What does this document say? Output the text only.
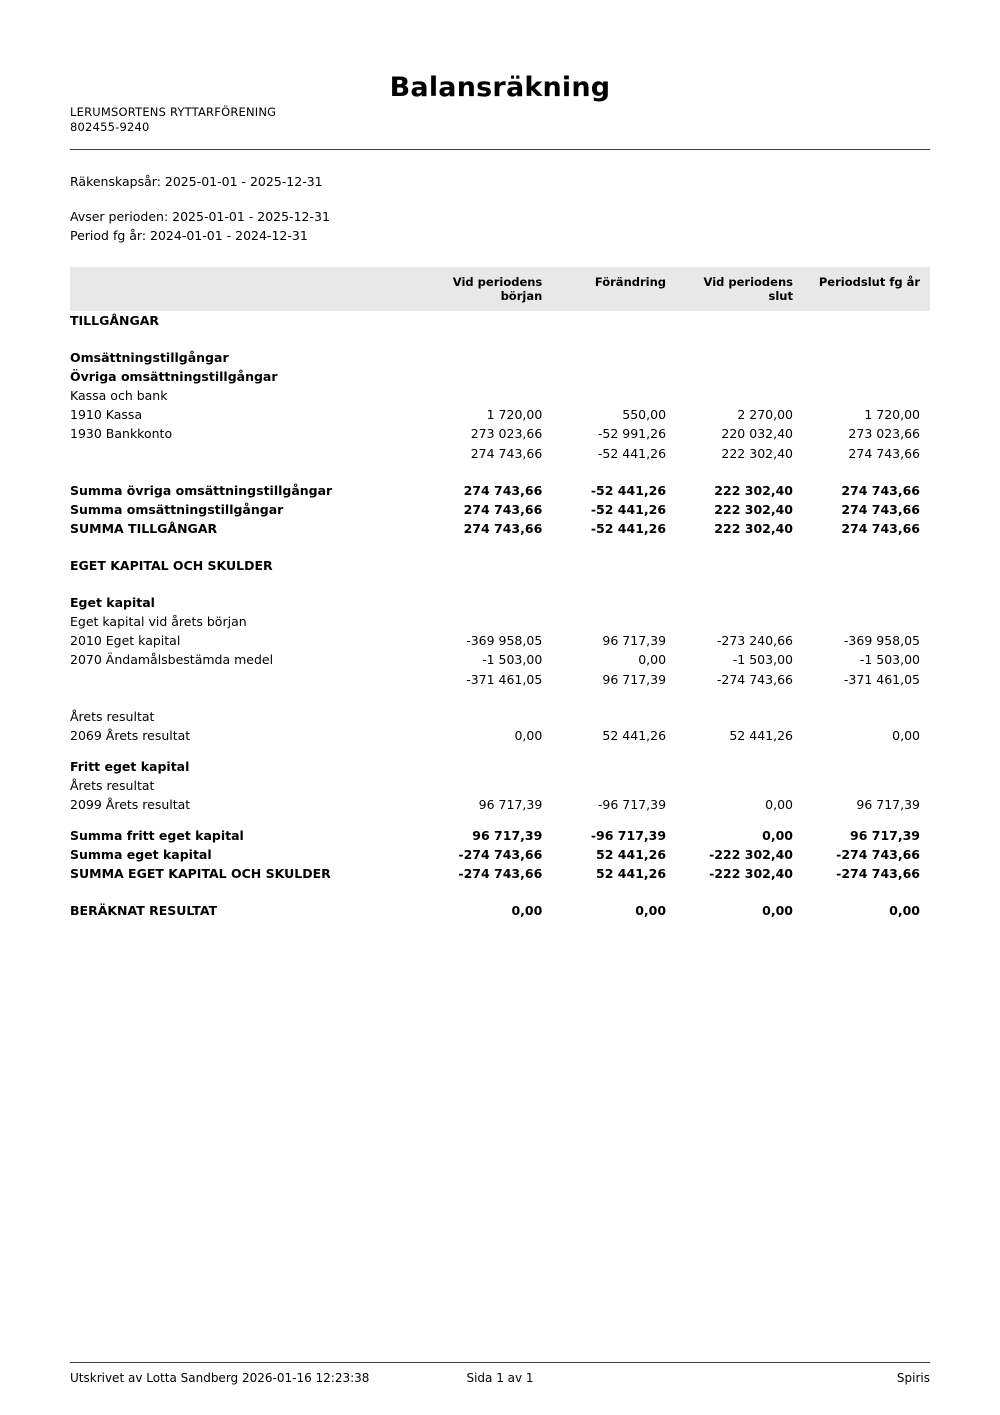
Balansräkning
LERUMSORTENS RYTTARFÖRENING
802455-9240
Räkenskapsår: 2025-01-01 - 2025-12-31
Avser perioden: 2025-01-01 - 2025-12-31
Period fg år: 2024-01-01 - 2024-12-31
	Vid periodens början	Förändring	Vid periodens slut	Periodslut fg år
TILLGÅNGAR				

Omsättningstillgångar				
Övriga omsättningstillgångar				
Kassa och bank				
1910 Kassa	1 720,00	550,00	2 270,00	1 720,00
1930 Bankkonto	273 023,66	-52 991,26	220 032,40	273 023,66
	274 743,66	-52 441,26	222 302,40	274 743,66

Summa övriga omsättningstillgångar	274 743,66	-52 441,26	222 302,40	274 743,66
Summa omsättningstillgångar	274 743,66	-52 441,26	222 302,40	274 743,66
SUMMA TILLGÅNGAR	274 743,66	-52 441,26	222 302,40	274 743,66

EGET KAPITAL OCH SKULDER				

Eget kapital				
Eget kapital vid årets början				
2010 Eget kapital	-369 958,05	96 717,39	-273 240,66	-369 958,05
2070 Ändamålsbestämda medel	-1 503,00	0,00	-1 503,00	-1 503,00
	-371 461,05	96 717,39	-274 743,66	-371 461,05

Årets resultat				
2069 Årets resultat	0,00	52 441,26	52 441,26	0,00

Fritt eget kapital				
Årets resultat				
2099 Årets resultat	96 717,39	-96 717,39	0,00	96 717,39

Summa fritt eget kapital	96 717,39	-96 717,39	0,00	96 717,39
Summa eget kapital	-274 743,66	52 441,26	-222 302,40	-274 743,66
SUMMA EGET KAPITAL OCH SKULDER	-274 743,66	52 441,26	-222 302,40	-274 743,66

BERÄKNAT RESULTAT	0,00	0,00	0,00	0,00
Utskrivet av Lotta Sandberg 2026-01-16 12:23:38	Sida 1 av 1	Spiris
